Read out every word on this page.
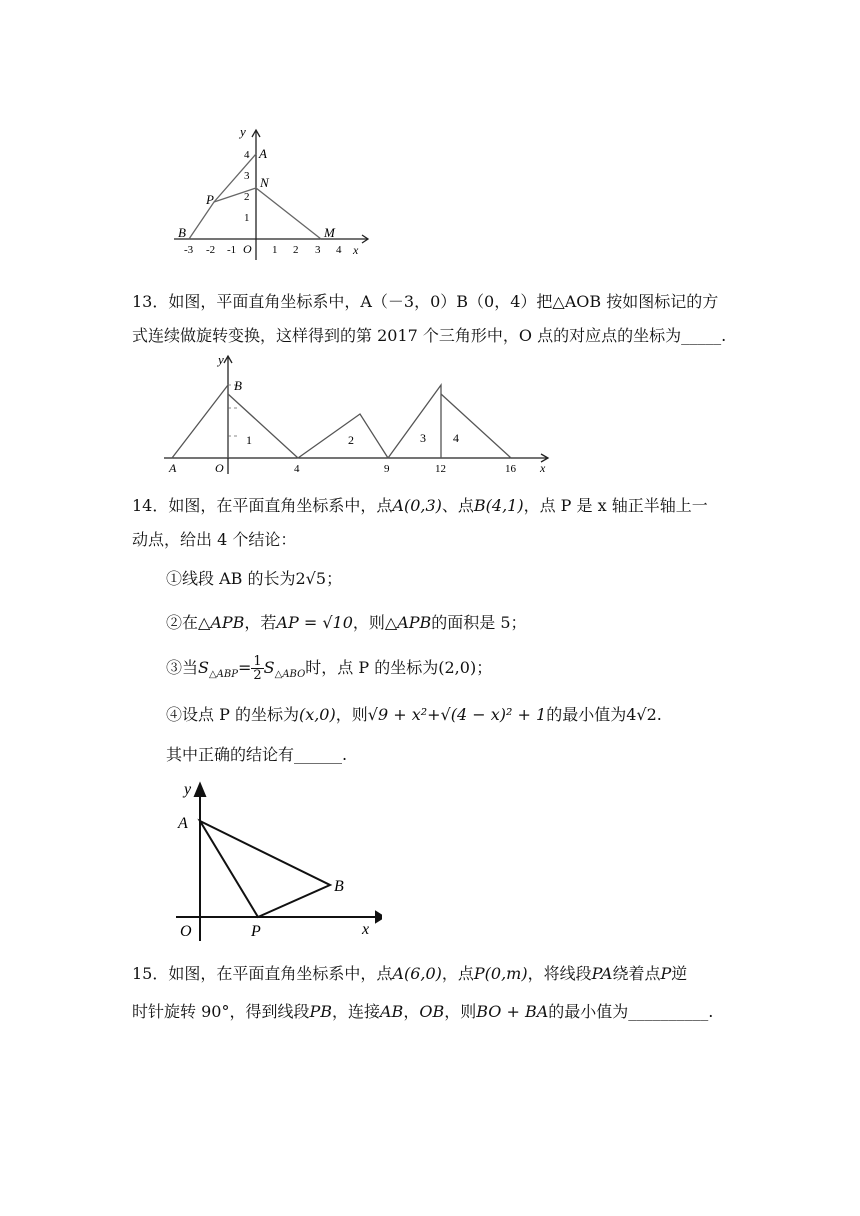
y
A
N
P
B	M
O	x
4
3
2
1
-3 -2 -1	1 2 3 4
13．如图，平面直角坐标系中，A（－3，0）B（0，4）把△AOB 按如图标记的方
式连续做旋转变换，这样得到的第 2017 个三角形中，O 点的对应点的坐标为_____.
y
B
A	O	x
4	9	12	16
1	2	3 4
14．如图，在平面直角坐标系中，点A(0,3)、点B(4,1)，点 P 是 x 轴正半轴上一
动点，给出 4 个结论：
①线段 AB 的长为2√5；
②在△APB，若AP = √10，则△APB的面积是 5；
③当$S_{\triangle ABP}= \frac{1}{2} S_{\triangle ABO}$时，点 P 的坐标为(2,0)；
④设点 P 的坐标为(x,0)，则√9 + x²+√(4 − x)² + 1的最小值为4√2.
其中正确的结论有______.
y
A
B
O	P	x
15．如图，在平面直角坐标系中，点A(6,0)，点P(0,m)，将线段PA绕着点P逆
时针旋转 90°，得到线段PB，连接AB，OB，则BO + BA的最小值为__________.
